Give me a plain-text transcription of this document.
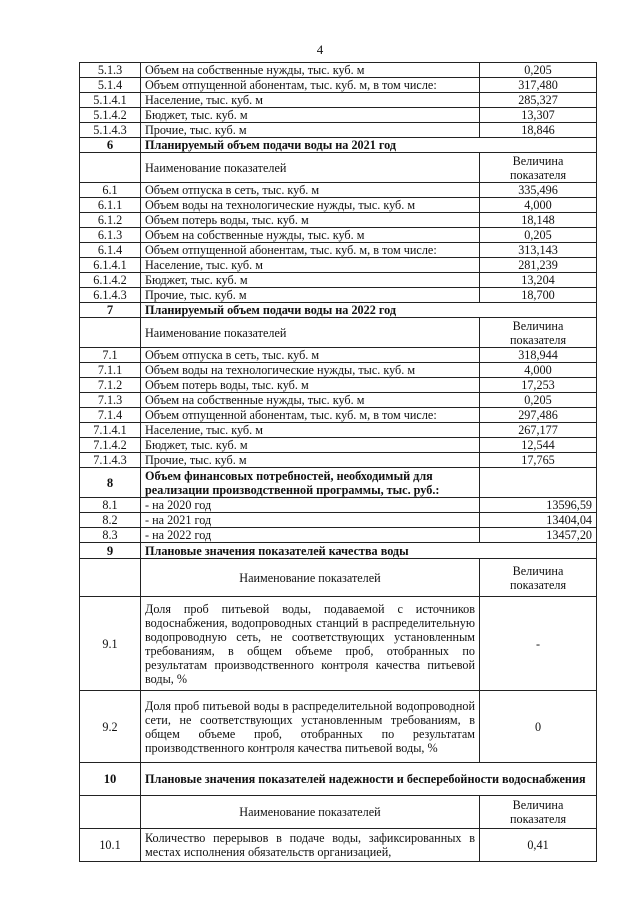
4
5.1.3	Объем на собственные нужды, тыс. куб. м	0,205
5.1.4	Объем отпущенной абонентам, тыс. куб. м, в том числе:	317,480
5.1.4.1	Население, тыс. куб. м	285,327
5.1.4.2	Бюджет, тыс. куб. м	13,307
5.1.4.3	Прочие, тыс. куб. м	18,846
6	Планируемый объем подачи воды на 2021 год	
	Наименование показателей	Величина показателя
6.1	Объем отпуска в сеть, тыс. куб. м	335,496
6.1.1	Объем воды на технологические нужды, тыс. куб. м	4,000
6.1.2	Объем потерь воды, тыс. куб. м	18,148
6.1.3	Объем на собственные нужды, тыс. куб. м	0,205
6.1.4	Объем отпущенной абонентам, тыс. куб. м, в том числе:	313,143
6.1.4.1	Население, тыс. куб. м	281,239
6.1.4.2	Бюджет, тыс. куб. м	13,204
6.1.4.3	Прочие, тыс. куб. м	18,700
7	Планируемый объем подачи воды на 2022 год	
	Наименование показателей	Величина показателя
7.1	Объем отпуска в сеть, тыс. куб. м	318,944
7.1.1	Объем воды на технологические нужды, тыс. куб. м	4,000
7.1.2	Объем потерь воды, тыс. куб. м	17,253
7.1.3	Объем на собственные нужды, тыс. куб. м	0,205
7.1.4	Объем отпущенной абонентам, тыс. куб. м, в том числе:	297,486
7.1.4.1	Население, тыс. куб. м	267,177
7.1.4.2	Бюджет, тыс. куб. м	12,544
7.1.4.3	Прочие, тыс. куб. м	17,765
8	Объем финансовых потребностей, необходимый для реализации производственной программы, тыс. руб.:	
8.1	- на 2020 год	13596,59
8.2	- на 2021 год	13404,04
8.3	- на 2022 год	13457,20
9	Плановые значения показателей качества воды	
	Наименование показателей	Величина показателя
9.1	Доля проб питьевой воды, подаваемой с источников водоснабжения, водопроводных станций в распределительную водопроводную сеть, не соответствующих установленным требованиям, в общем объеме проб, отобранных по результатам производственного контроля качества питьевой воды, %	-
9.2	Доля проб питьевой воды в распределительной водопроводной сети, не соответствующих установленным требованиям, в общем объеме проб, отобранных по результатам производственного контроля качества питьевой воды, %	0
10	Плановые значения показателей надежности и бесперебойности водоснабжения	
	Наименование показателей	Величина показателя
10.1	Количество перерывов в подаче воды, зафиксированных в местах исполнения обязательств организацией,	0,41
